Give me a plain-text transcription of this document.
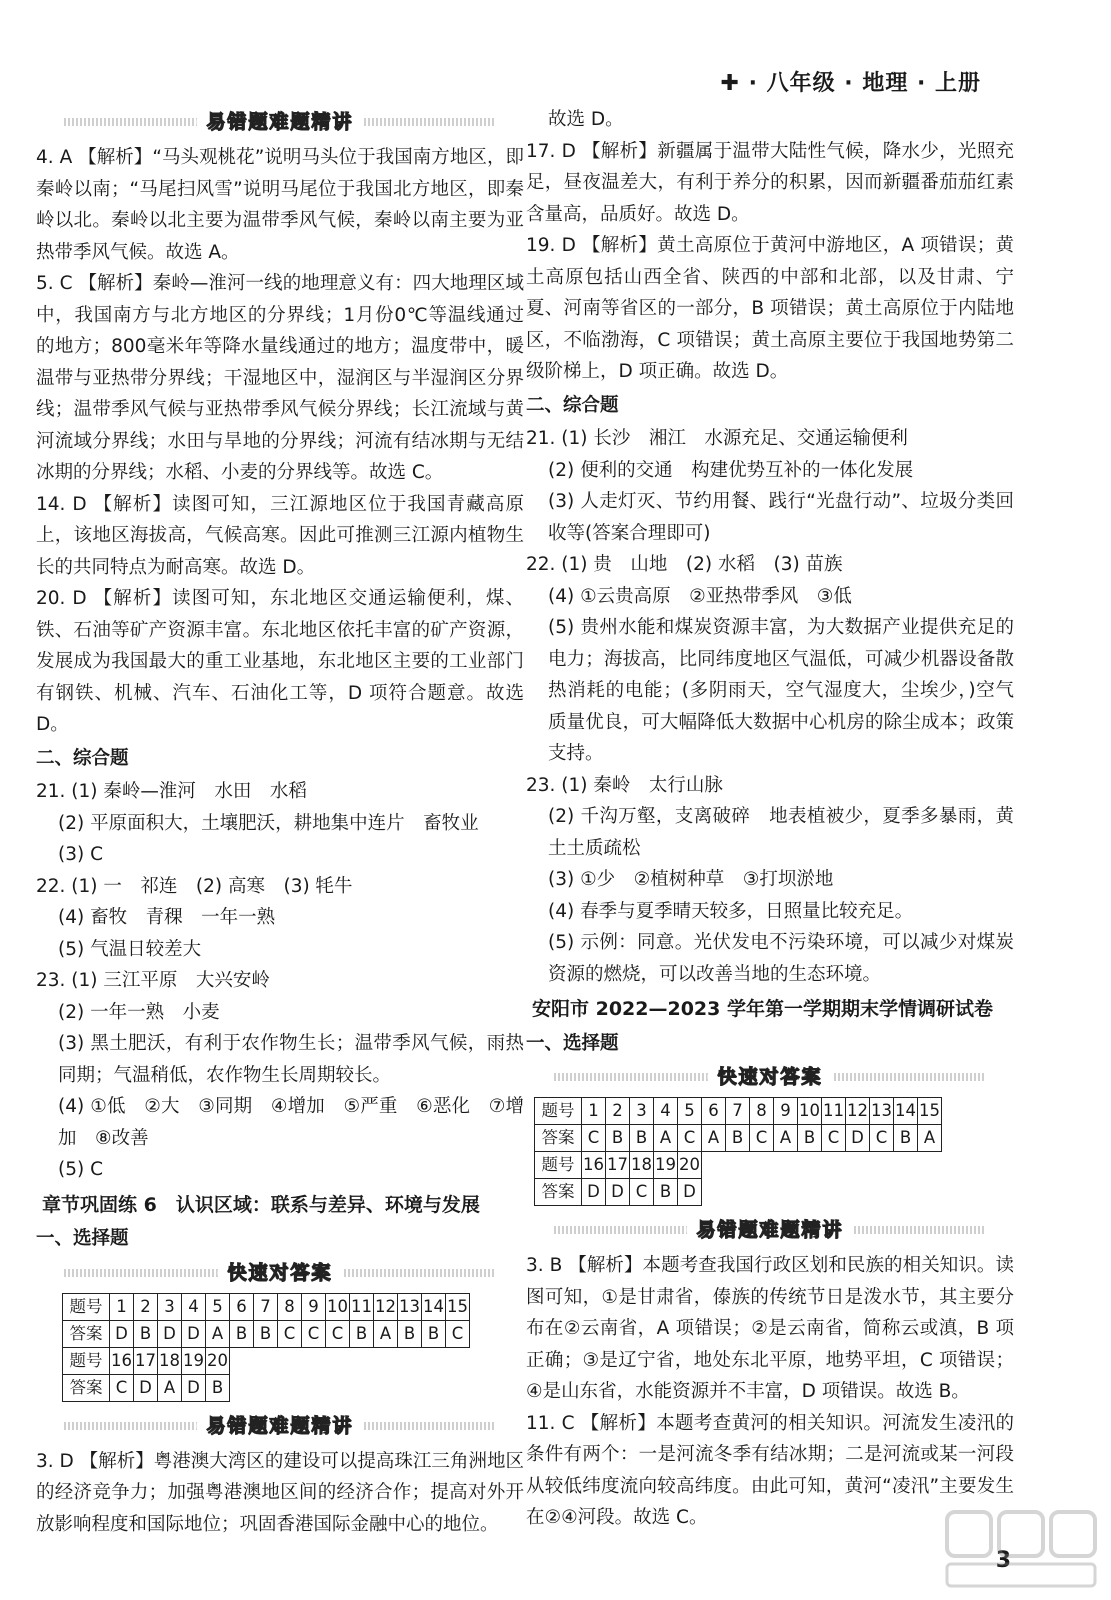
✚ · 八年级 · 地理 · 上册
易错题难题精讲

4. A 【解析】“马头观桃花”说明马头位于我国南方地区，即秦岭以南；“马尾扫风雪”说明马尾位于我国北方地区，即秦岭以北。秦岭以北主要为温带季风气候，秦岭以南主要为亚热带季风气候。故选 A。

5. C 【解析】秦岭—淮河一线的地理意义有：四大地理区域中，我国南方与北方地区的分界线；1月份0℃等温线通过的地方；800毫米年等降水量线通过的地方；温度带中，暖温带与亚热带分界线；干湿地区中，湿润区与半湿润区分界线；温带季风气候与亚热带季风气候分界线；长江流域与黄河流域分界线；水田与旱地的分界线；河流有结冰期与无结冰期的分界线；水稻、小麦的分界线等。故选 C。

14. D 【解析】读图可知，三江源地区位于我国青藏高原上，该地区海拔高，气候高寒。因此可推测三江源内植物生长的共同特点为耐高寒。故选 D。

20. D 【解析】读图可知，东北地区交通运输便利，煤、铁、石油等矿产资源丰富。东北地区依托丰富的矿产资源，发展成为我国最大的重工业基地，东北地区主要的工业部门有钢铁、机械、汽车、石油化工等，D 项符合题意。故选 D。

二、综合题

21. (1) 秦岭—淮河　水田　水稻

(2) 平原面积大，土壤肥沃，耕地集中连片　畜牧业

(3) C

22. (1) 一　祁连　(2) 高寒　(3) 牦牛

(4) 畜牧　青稞　一年一熟

(5) 气温日较差大

23. (1) 三江平原　大兴安岭

(2) 一年一熟　小麦

(3) 黑土肥沃，有利于农作物生长；温带季风气候，雨热同期；气温稍低，农作物生长周期较长。

(4) ①低　②大　③同期　④增加　⑤严重　⑥恶化　⑦增加　⑧改善

(5) C

章节巩固练 6　认识区域：联系与差异、环境与发展

一、选择题

快速对答案
题号	1	2	3	4	5	6	7	8	9	10	11	12	13	14	15
答案	D	B	D	D	A	B	B	C	C	C	B	A	B	B	C
题号	16	17	18	19	20										
答案	C	D	A	D	B										
易错题难题精讲

3. D 【解析】粤港澳大湾区的建设可以提高珠江三角洲地区的经济竞争力；加强粤港澳地区间的经济合作；提高对外开放影响程度和国际地位；巩固香港国际金融中心的地位。

故选 D。

17. D 【解析】新疆属于温带大陆性气候，降水少，光照充足，昼夜温差大，有利于养分的积累，因而新疆番茄茄红素含量高，品质好。故选 D。

19. D 【解析】黄土高原位于黄河中游地区，A 项错误；黄土高原包括山西全省、陕西的中部和北部，以及甘肃、宁夏、河南等省区的一部分，B 项错误；黄土高原位于内陆地区，不临渤海，C 项错误；黄土高原主要位于我国地势第二级阶梯上，D 项正确。故选 D。

二、综合题

21. (1) 长沙　湘江　水源充足、交通运输便利

(2) 便利的交通　构建优势互补的一体化发展

(3) 人走灯灭、节约用餐、践行“光盘行动”、垃圾分类回收等(答案合理即可)

22. (1) 贵　山地　(2) 水稻　(3) 苗族

(4) ①云贵高原　②亚热带季风　③低

(5) 贵州水能和煤炭资源丰富，为大数据产业提供充足的电力；海拔高，比同纬度地区气温低，可减少机器设备散热消耗的电能；(多阴雨天，空气湿度大，尘埃少，)空气质量优良，可大幅降低大数据中心机房的除尘成本；政策支持。

23. (1) 秦岭　太行山脉

(2) 千沟万壑，支离破碎　地表植被少，夏季多暴雨，黄土土质疏松

(3) ①少　②植树种草　③打坝淤地

(4) 春季与夏季晴天较多，日照量比较充足。

(5) 示例：同意。光伏发电不污染环境，可以减少对煤炭资源的燃烧，可以改善当地的生态环境。

安阳市 2022—2023 学年第一学期期末学情调研试卷

一、选择题

快速对答案
题号	1	2	3	4	5	6	7	8	9	10	11	12	13	14	15
答案	C	B	B	A	C	A	B	C	A	B	C	D	C	B	A
题号	16	17	18	19	20										
答案	D	D	C	B	D										
易错题难题精讲

3. B 【解析】本题考查我国行政区划和民族的相关知识。读图可知，①是甘肃省，傣族的传统节日是泼水节，其主要分布在②云南省，A 项错误；②是云南省，简称云或滇，B 项正确；③是辽宁省，地处东北平原，地势平坦，C 项错误；④是山东省，水能资源并不丰富，D 项错误。故选 B。

11. C 【解析】本题考查黄河的相关知识。河流发生凌汛的条件有两个：一是河流冬季有结冰期；二是河流或某一河段从较低纬度流向较高纬度。由此可知，黄河“凌汛”主要发生在②④河段。故选 C。

3
